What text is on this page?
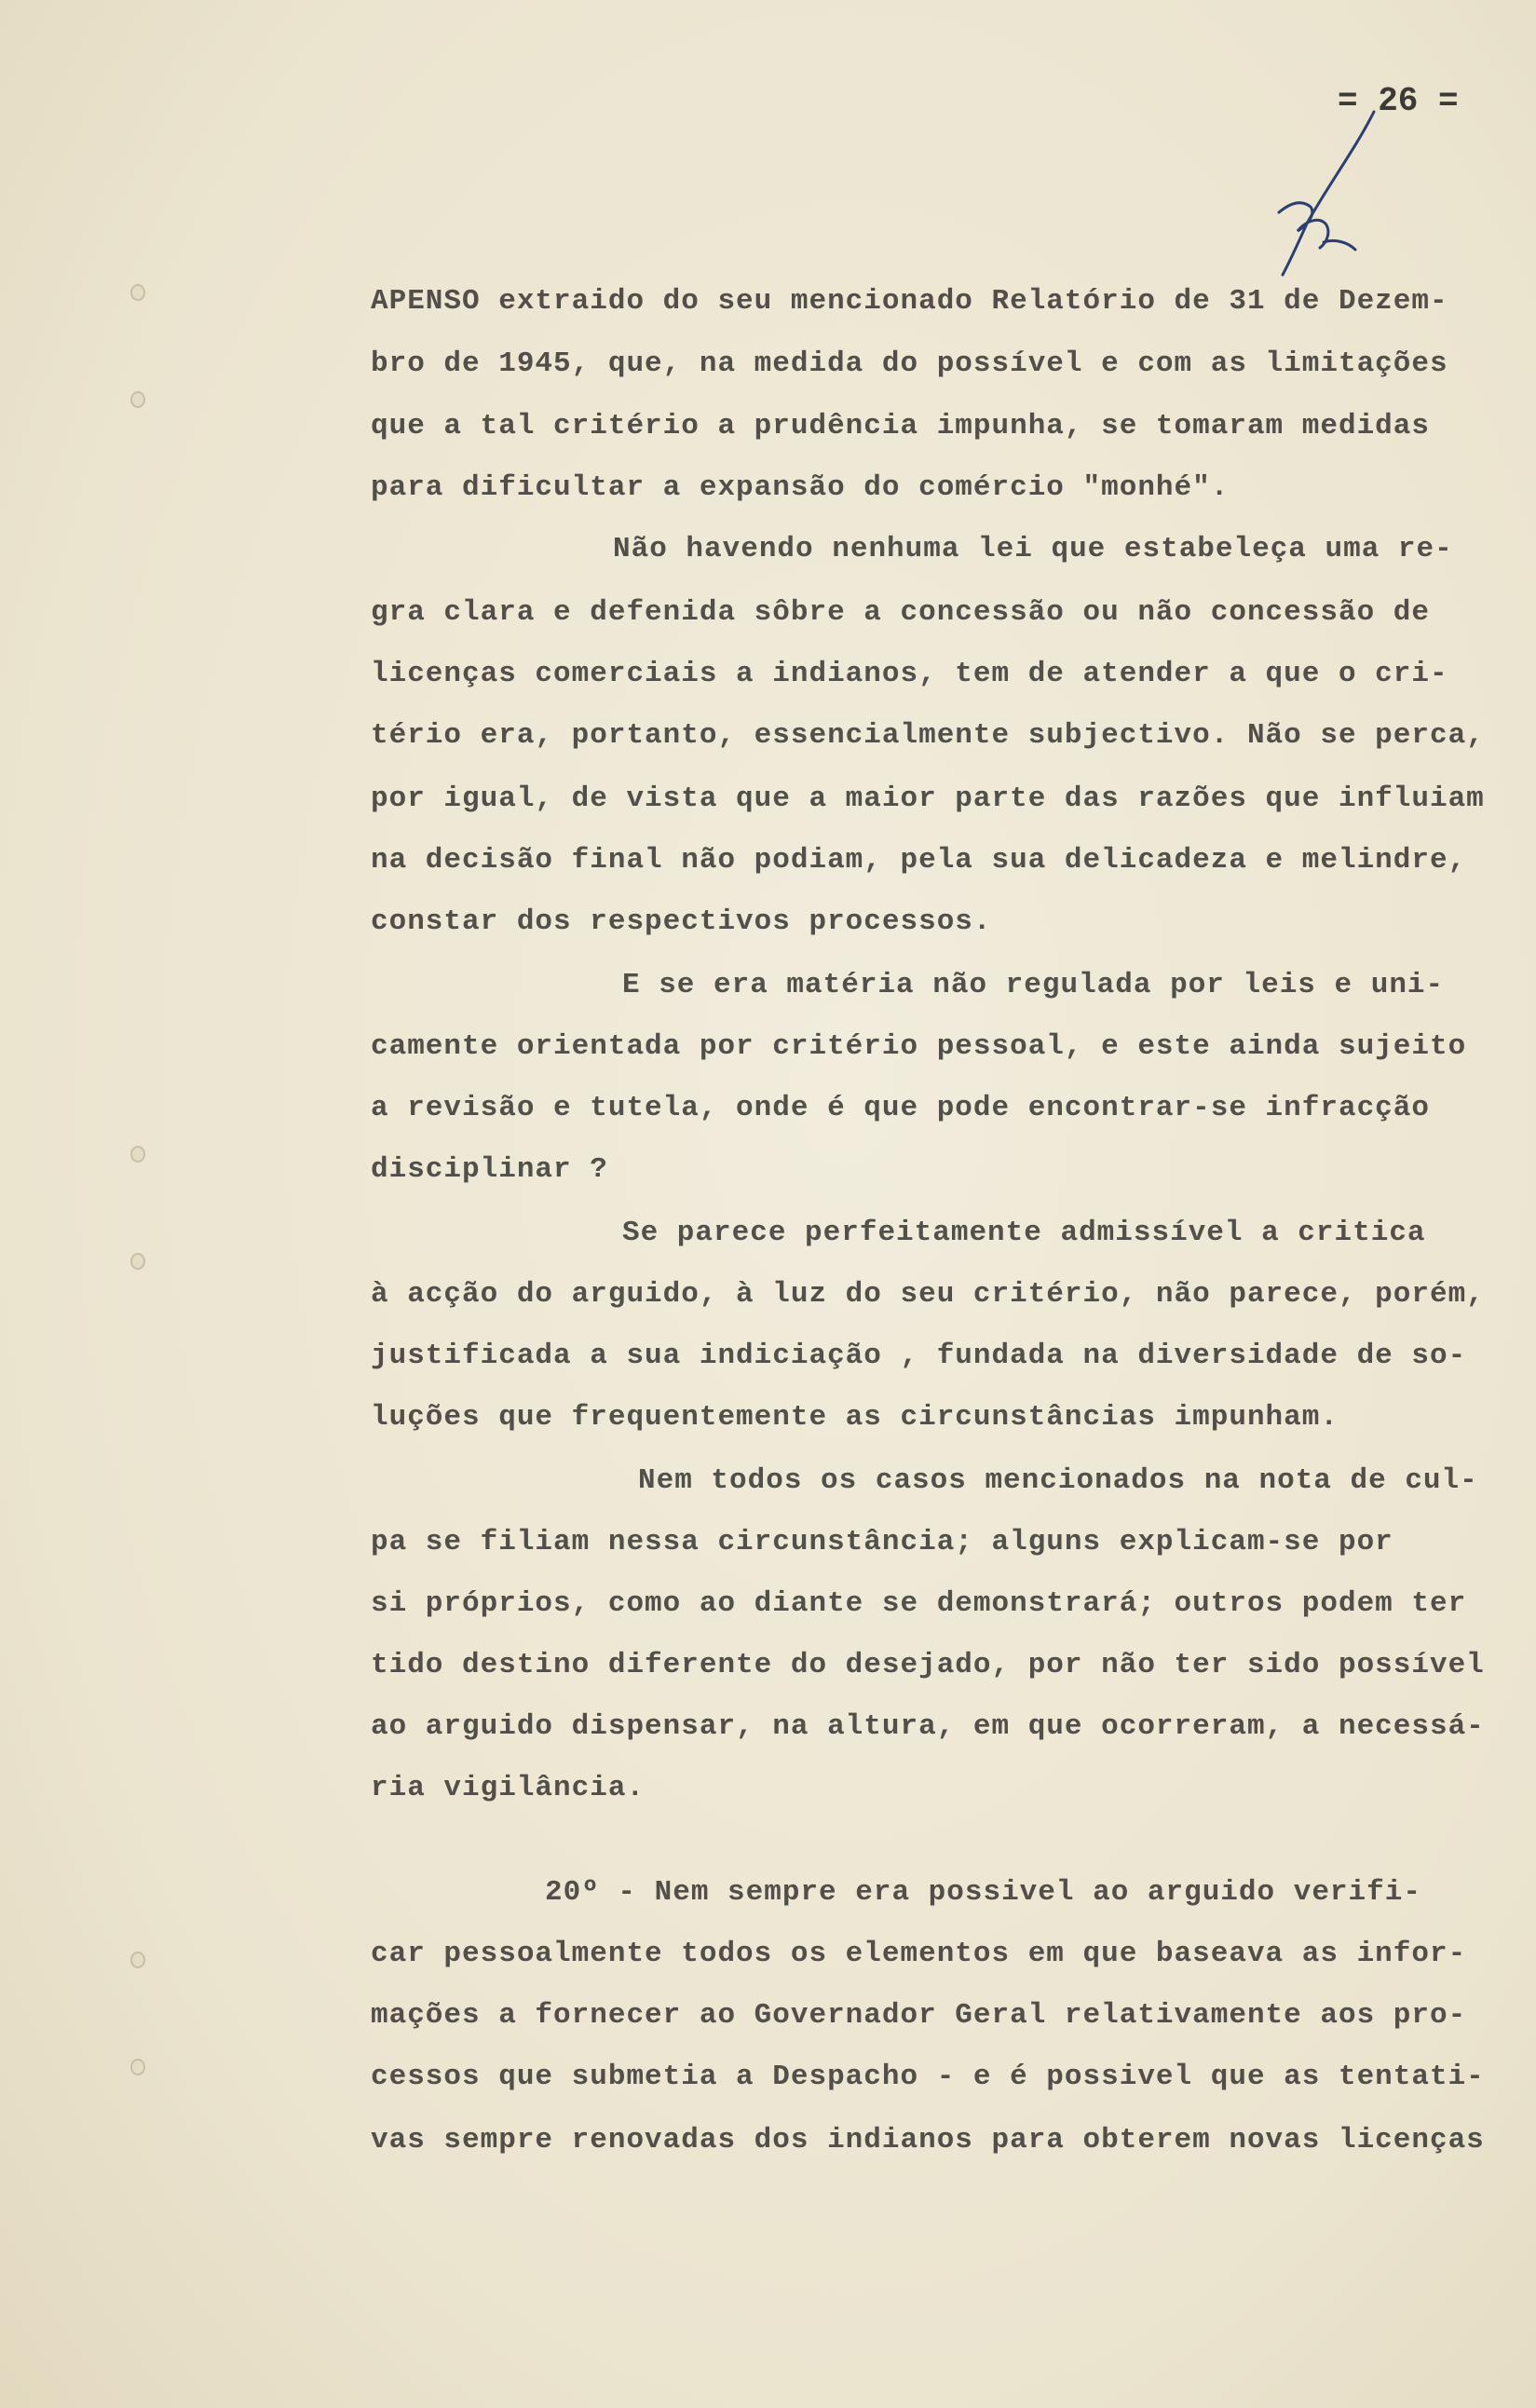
= 26 =
APENSO extraido do seu mencionado Relatório de 31 de Dezem-
bro de 1945, que, na medida do possível e com as limitações
que a tal critério a prudência impunha, se tomaram medidas
para dificultar a expansão do comércio "monhé".
Não havendo nenhuma lei que estabeleça uma re-
gra clara e defenida sôbre a concessão ou não concessão de
licenças comerciais a indianos, tem de atender a que o cri-
tério era, portanto, essencialmente subjectivo. Não se perca,
por igual, de vista que a maior parte das razões que influiam
na decisão final não podiam, pela sua delicadeza e melindre,
constar dos respectivos processos.
E se era matéria não regulada por leis e uni-
camente orientada por critério pessoal, e este ainda sujeito
a revisão e tutela, onde é que pode encontrar-se infracção
disciplinar ?
Se parece perfeitamente admissível a critica
à acção do arguido, à luz do seu critério, não parece, porém,
justificada a sua indiciação , fundada na diversidade de so-
luções que frequentemente as circunstâncias impunham.
Nem todos os casos mencionados na nota de cul-
pa se filiam nessa circunstância; alguns explicam-se por
si próprios, como ao diante se demonstrará; outros podem ter
tido destino diferente do desejado, por não ter sido possível
ao arguido dispensar, na altura, em que ocorreram, a necessá-
ria vigilância.
20º - Nem sempre era possivel ao arguido verifi-
car pessoalmente todos os elementos em que baseava as infor-
mações a fornecer ao Governador Geral relativamente aos pro-
cessos que submetia a Despacho - e é possivel que as tentati-
vas sempre renovadas dos indianos para obterem novas licenças
